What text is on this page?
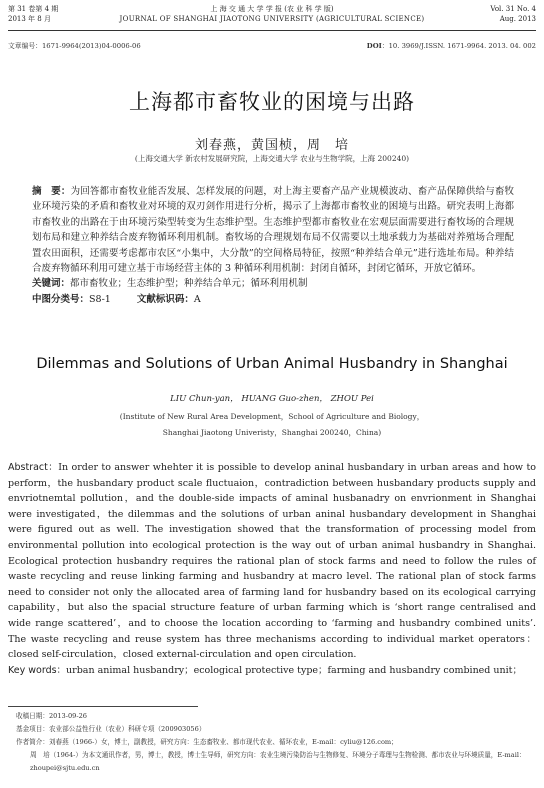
第 31 卷第 4 期
2013 年 8 月
上 海 交 通 大 学 学 报 (农 业 科 学 版)
JOURNAL OF SHANGHAI JIAOTONG UNIVERSITY (AGRICULTURAL SCIENCE)
Vol. 31 No. 4
Aug. 2013
文章编号：1671-9964(2013)04-0006-06	DOI：10. 3969/J.ISSN. 1671-9964. 2013. 04. 002
上海都市畜牧业的困境与出路
刘春燕，黄国桢，周　培
(上海交通大学 新农村发展研究院，上海交通大学 农业与生物学院，上海 200240)

摘　要：为回答都市畜牧业能否发展、怎样发展的问题，对上海主要畜产品产业规模波动、畜产品保障供给与畜牧业环境污染的矛盾和畜牧业对环境的双刃剑作用进行分析，揭示了上海都市畜牧业的困境与出路。研究表明上海都市畜牧业的出路在于由环境污染型转变为生态维护型。生态维护型都市畜牧业在宏观层面需要进行畜牧场的合理规划布局和建立种养结合废弃物循环利用机制。畜牧场的合理规划布局不仅需要以土地承载力为基础对养殖场合理配置农田面积，还需要考虑都市农区“小集中，大分散”的空间格局特征，按照“种养结合单元”进行选址布局。种养结合废弃物循环利用可建立基于市场经营主体的 3 种循环利用机制：封闭自循环，封闭它循环，开放它循环。

关键词：都市畜牧业；生态维护型；种养结合单元；循环利用机制

中图分类号：S8-1	文献标识码：A

Dilemmas and Solutions of Urban Animal Husbandry in Shanghai
LIU Chun-yan， HUANG Guo-zhen， ZHOU Pei
(Institute of New Rural Area Development，School of Agriculture and Biology，
Shanghai Jiaotong Univeristy，Shanghai 200240，China)

Abstract：In order to answer whehter it is possible to develop aninal husbandary in urban areas and how to perform，the husbandary product scale fluctuaion，contradiction between husbandary products supply and envriotnemtal pollution，and the double-side impacts of aminal husbanadry on envrionment in Shanghai were investigated，the dilemmas and the solutions of urban aninal husbandary development in Shanghai were figured out as well. The investigation showed that the transformation of processing model from environmental pollution into ecological protection is the way out of urban animal husbandry in Shanghai. Ecological protection husbandry requires the rational plan of stock farms and need to follow the rules of waste recycling and reuse linking farming and husbandry at macro level. The rational plan of stock farms need to consider not only the allocated area of farming land for husbandry based on its ecological carrying capability，but also the spacial structure feature of urban farming which is ‘short range centralised and wide range scattered’，and to choose the location according to ‘farming and husbandry combined units’. The waste recycling and reuse system has three mechanisms according to individual market operators：closed self-circulation，closed external-circulation and open circulation.

Key words：urban animal husbandry；ecological protective type；farming and husbandry combined unit；

收稿日期：2013-09-26

基金项目：农业部公益性行业（农业）科研专项（200903056）

作者简介：刘春燕（1966-）女，博士，副教授，研究方向：生态畜牧业、都市现代农业、循环农业，E-mail：cyliu@126.com；

周　培（1964-）为本文通讯作者，男，博士，教授，博士生导师，研究方向：农业生境污染防治与生物修复、环境分子毒理与生物检测、都市农业与环境质量，E-mail：zhoupei@sjtu.edu.cn
